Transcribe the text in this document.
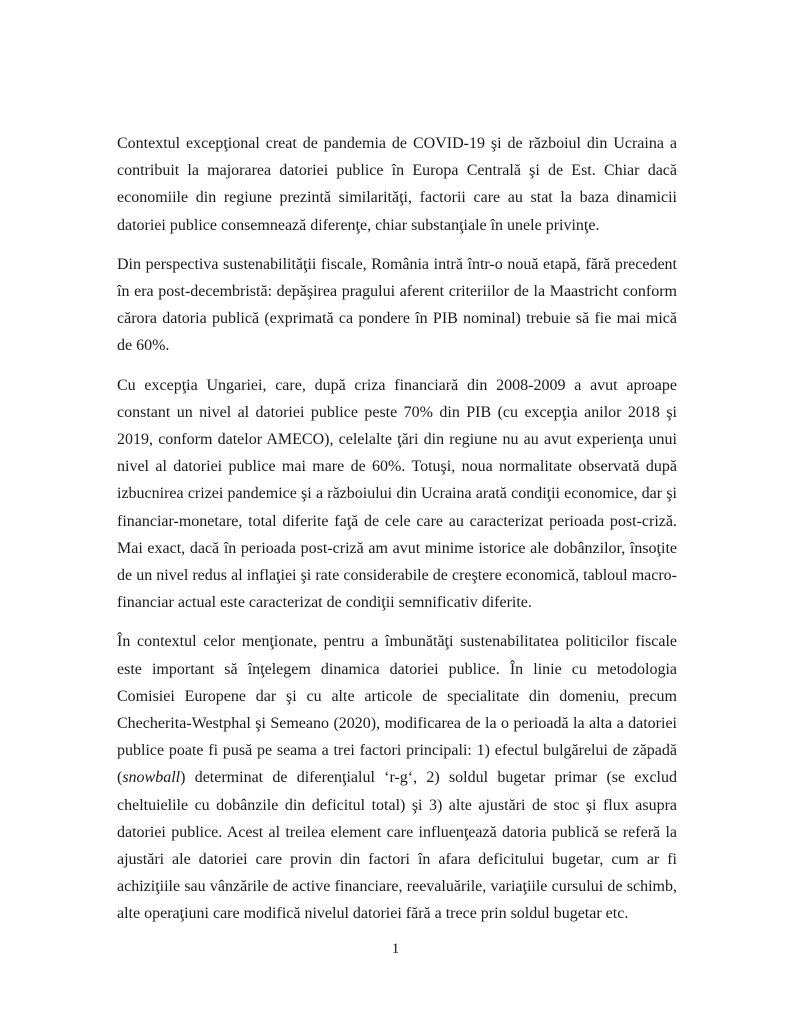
Contextul excepţional creat de pandemia de COVID-19 şi de războiul din Ucraina a contribuit la majorarea datoriei publice în Europa Centrală şi de Est. Chiar dacă economiile din regiune prezintă similarităţi, factorii care au stat la baza dinamicii datoriei publice consemnează diferenţe, chiar substanţiale în unele privinţe.

Din perspectiva sustenabilităţii fiscale, România intră într-o nouă etapă, fără precedent în era post-decembristă: depăşirea pragului aferent criteriilor de la Maastricht conform cărora datoria publică (exprimată ca pondere în PIB nominal) trebuie să fie mai mică de 60%.

Cu excepţia Ungariei, care, după criza financiară din 2008-2009 a avut aproape constant un nivel al datoriei publice peste 70% din PIB (cu excepţia anilor 2018 şi 2019, conform datelor AMECO), celelalte ţări din regiune nu au avut experienţa unui nivel al datoriei publice mai mare de 60%. Totuşi, noua normalitate observată după izbucnirea crizei pandemice şi a războiului din Ucraina arată condiţii economice, dar şi financiar-monetare, total diferite faţă de cele care au caracterizat perioada post-criză. Mai exact, dacă în perioada post-criză am avut minime istorice ale dobânzilor, însoţite de un nivel redus al inflaţiei şi rate considerabile de creştere economică, tabloul macro-financiar actual este caracterizat de condiţii semnificativ diferite.

În contextul celor menţionate, pentru a îmbunătăţi sustenabilitatea politicilor fiscale este important să înţelegem dinamica datoriei publice. În linie cu metodologia Comisiei Europene dar şi cu alte articole de specialitate din domeniu, precum Checherita-Westphal şi Semeano (2020), modificarea de la o perioadă la alta a datoriei publice poate fi pusă pe seama a trei factori principali: 1) efectul bulgărelui de zăpadă (snowball) determinat de diferenţialul ‘r-g‘, 2) soldul bugetar primar (se exclud cheltuielile cu dobânzile din deficitul total) şi 3) alte ajustări de stoc şi flux asupra datoriei publice. Acest al treilea element care influenţează datoria publică se referă la ajustări ale datoriei care provin din factori în afara deficitului bugetar, cum ar fi achiziţiile sau vânzările de active financiare, reevaluările, variaţiile cursului de schimb, alte operaţiuni care modifică nivelul datoriei fără a trece prin soldul bugetar etc.

1
